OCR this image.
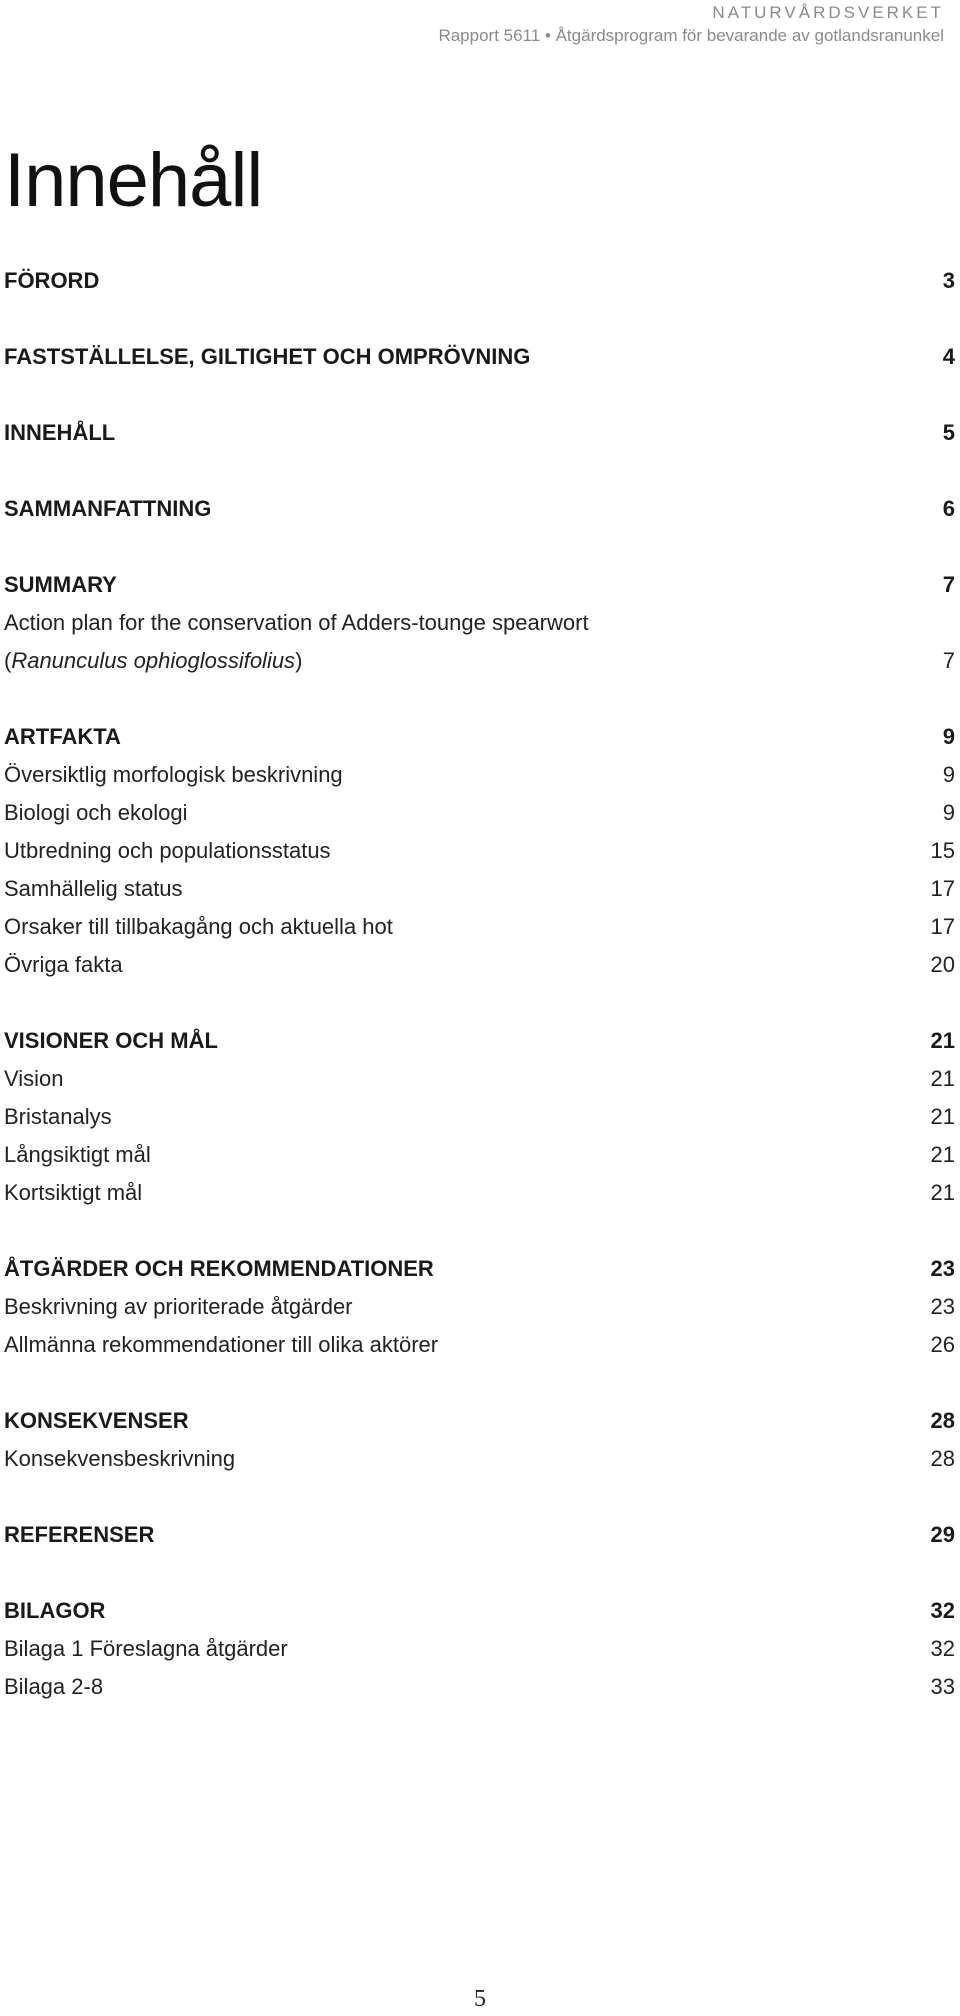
NATURVÅRDSVERKET
Rapport 5611 • Åtgärdsprogram för bevarande av gotlandsranunkel
Innehåll
FÖRORD	3
FASTSTÄLLELSE, GILTIGHET OCH OMPRÖVNING	4
INNEHÅLL	5
SAMMANFATTNING	6
SUMMARY	7
Action plan for the conservation of Adders-tounge spearwort
(Ranunculus ophioglossifolius)	7
ARTFAKTA	9
Översiktlig morfologisk beskrivning	9
Biologi och ekologi	9
Utbredning och populationsstatus	15
Samhällelig status	17
Orsaker till tillbakagång och aktuella hot	17
Övriga fakta	20
VISIONER OCH MÅL	21
Vision	21
Bristanalys	21
Långsiktigt mål	21
Kortsiktigt mål	21
ÅTGÄRDER OCH REKOMMENDATIONER	23
Beskrivning av prioriterade åtgärder	23
Allmänna rekommendationer till olika aktörer	26
KONSEKVENSER	28
Konsekvensbeskrivning	28
REFERENSER	29
BILAGOR	32
Bilaga 1 Föreslagna åtgärder	32
Bilaga 2-8	33
5
